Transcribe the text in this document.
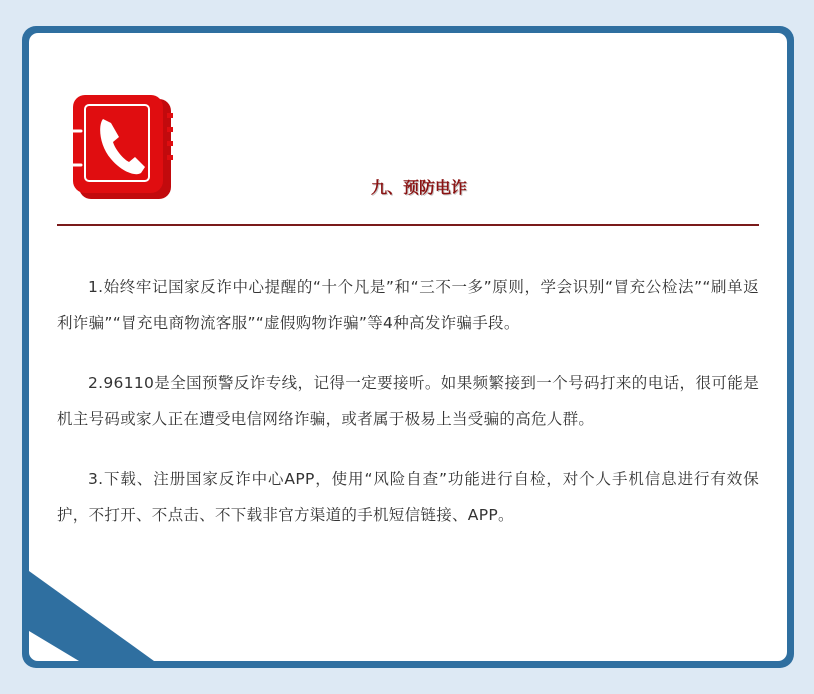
九、预防电诈

1.始终牢记国家反诈中心提醒的“十个凡是”和“三不一多”原则，学会识别“冒充公检法”“刷单返利诈骗”“冒充电商物流客服”“虚假购物诈骗”等4种高发诈骗手段。

2.96110是全国预警反诈专线，记得一定要接听。如果频繁接到一个号码打来的电话，很可能是机主号码或家人正在遭受电信网络诈骗，或者属于极易上当受骗的高危人群。

3.下载、注册国家反诈中心APP，使用“风险自查”功能进行自检，对个人手机信息进行有效保护，不打开、不点击、不下载非官方渠道的手机短信链接、APP。
